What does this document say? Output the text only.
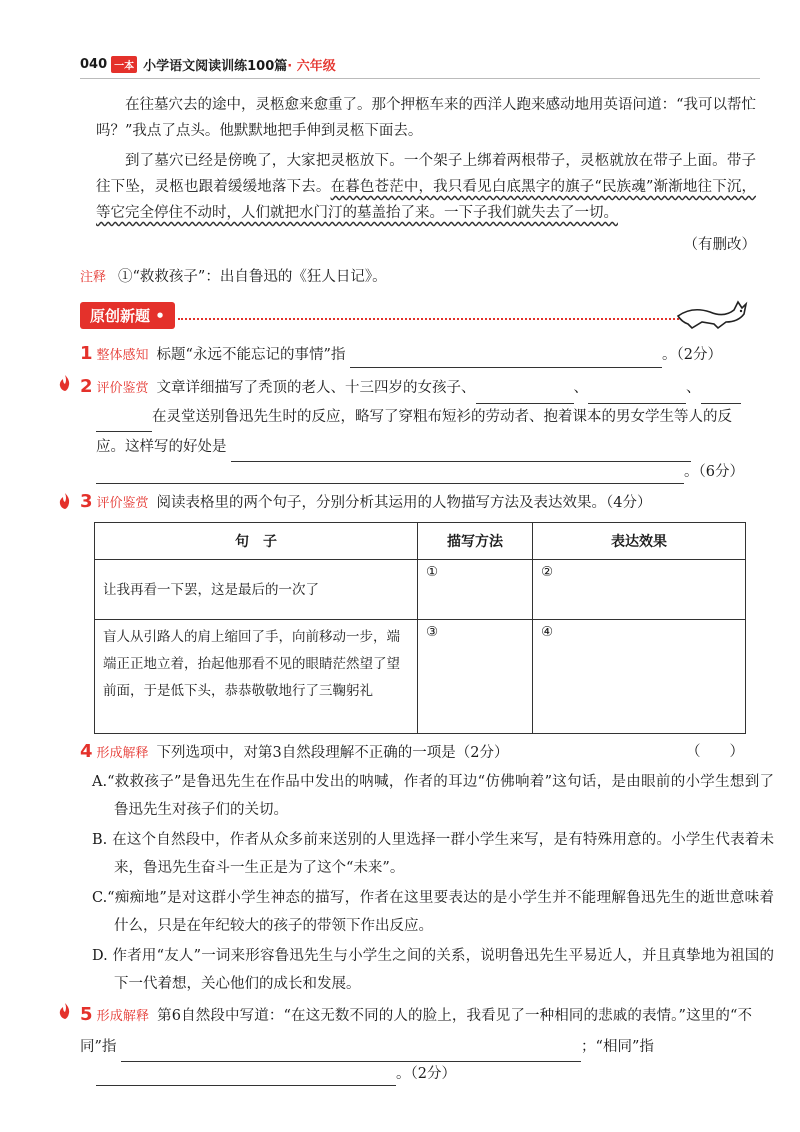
040 一本 小学语文阅读训练100篇 · 六年级
在往墓穴去的途中，灵柩愈来愈重了。那个押柩车来的西洋人跑来感动地用英语问道：“我可以帮忙吗？”我点了点头。他默默地把手伸到灵柩下面去。
到了墓穴已经是傍晚了，大家把灵柩放下。一个架子上绑着两根带子，灵柩就放在带子上面。带子往下坠，灵柩也跟着缓缓地落下去。在暮色苍茫中，我只看见白底黑字的旗子“民族魂”渐渐地往下沉，等它完全停住不动时，人们就把水门汀的墓盖抬了来。一下子我们就失去了一切。
（有删改）
注释 ①“救救孩子”：出自鲁迅的《狂人日记》。
原创新题 •
1 整体感知 标题“永远不能忘记的事情”指	。（2分）
2 评价鉴赏 文章详细描写了秃顶的老人、十三四岁的女孩子、	、	、
在灵堂送别鲁迅先生时的反应，略写了穿粗布短衫的劳动者、抱着课本的男女学生等人的反应。这样写的好处是
。（6分）
3 评价鉴赏 阅读表格里的两个句子，分别分析其运用的人物描写方法及表达效果。（4分）
句　子	描写方法	表达效果
让我再看一下罢，这是最后的一次了	①	②
盲人从引路人的肩上缩回了手，向前移动一步，端端正正地立着，抬起他那看不见的眼睛茫然望了望前面，于是低下头，恭恭敬敬地行了三鞠躬礼	③	④
4 形成解释 下列选项中，对第3自然段理解不正确的一项是（2分）	（　　）
A.“救救孩子”是鲁迅先生在作品中发出的呐喊，作者的耳边“仿佛响着”这句话，是由眼前的小学生想到了鲁迅先生对孩子们的关切。
B. 在这个自然段中，作者从众多前来送别的人里选择一群小学生来写，是有特殊用意的。小学生代表着未来，鲁迅先生奋斗一生正是为了这个“未来”。
C.“痴痴地”是对这群小学生神态的描写，作者在这里要表达的是小学生并不能理解鲁迅先生的逝世意味着什么，只是在年纪较大的孩子的带领下作出反应。
D. 作者用“友人”一词来形容鲁迅先生与小学生之间的关系，说明鲁迅先生平易近人，并且真挚地为祖国的下一代着想，关心他们的成长和发展。
5 形成解释 第6自然段中写道：“在这无数不同的人的脸上，我看见了一种相同的悲戚的表情。”这里的“不同”指	；“相同”指
。（2分）
